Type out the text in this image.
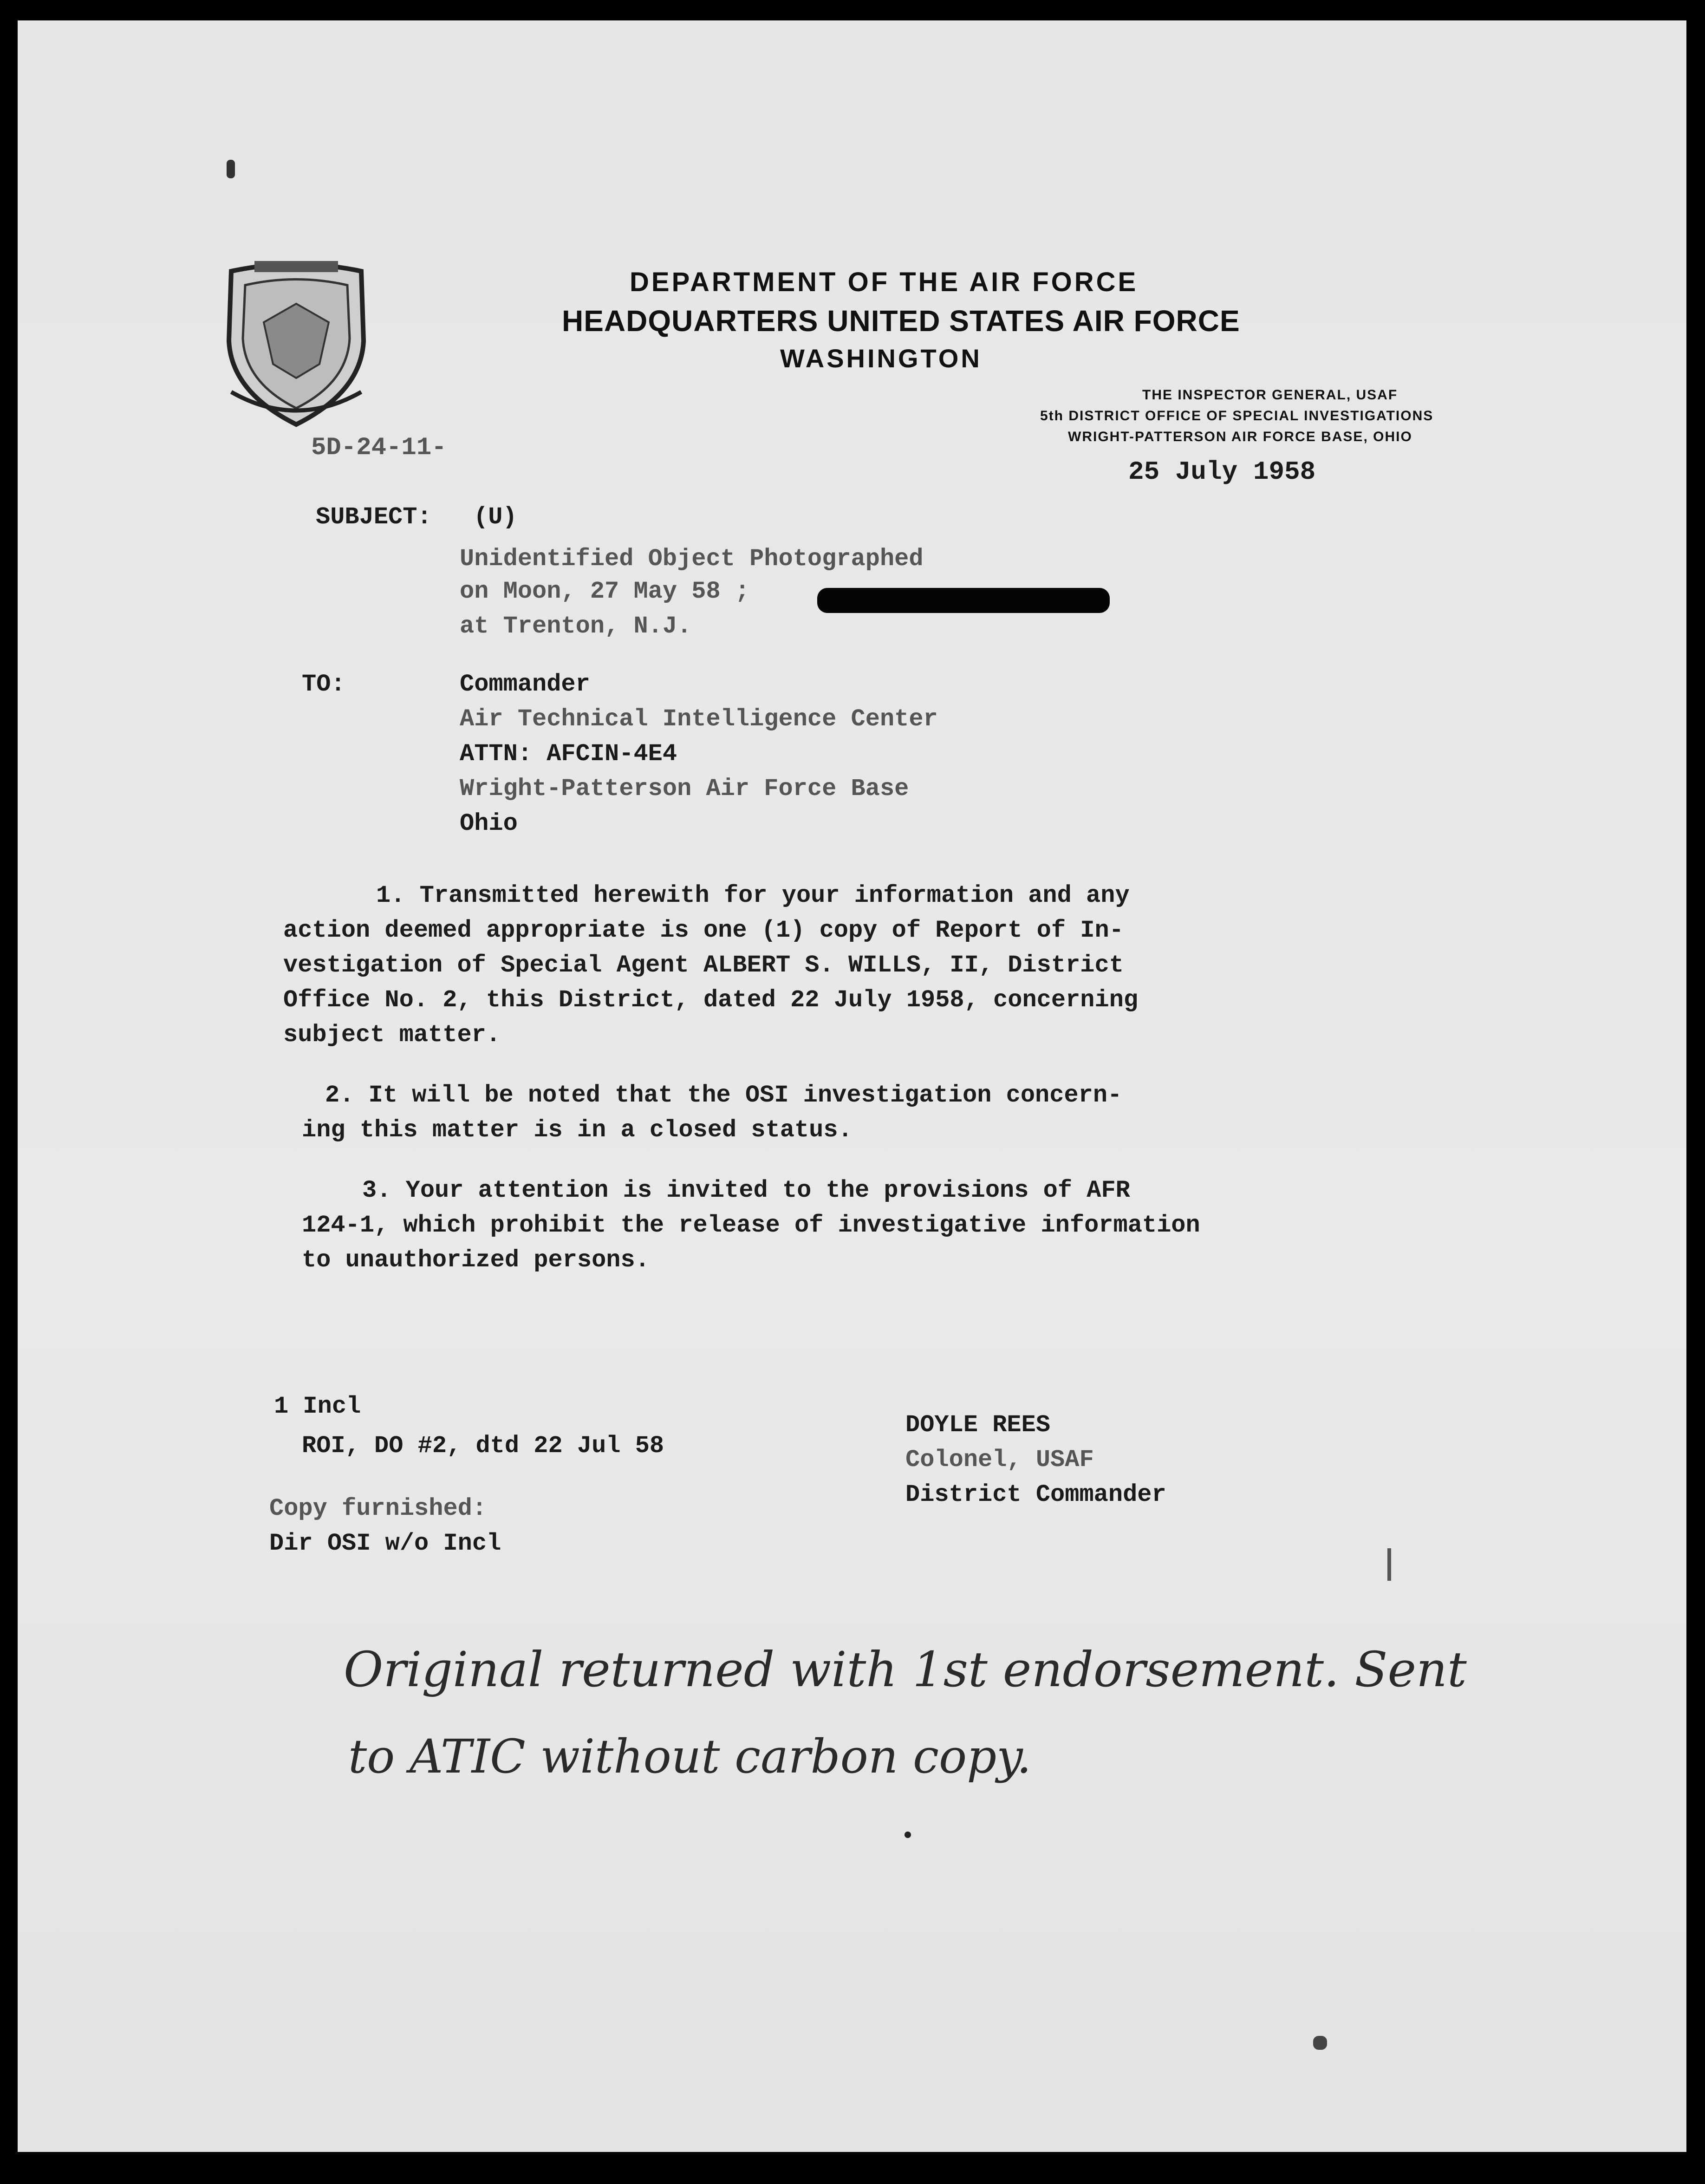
DEPARTMENT OF THE AIR FORCE
HEADQUARTERS UNITED STATES AIR FORCE
WASHINGTON
THE INSPECTOR GENERAL, USAF
5th DISTRICT OFFICE OF SPECIAL INVESTIGATIONS
WRIGHT-PATTERSON AIR FORCE BASE, OHIO
5D-24-11-
25 July 1958
SUBJECT: (U)
Unidentified Object Photographed
on Moon, 27 May 58 ;
at Trenton, N.J.
TO:	Commander
Air Technical Intelligence Center
ATTN: AFCIN-4E4
Wright-Patterson Air Force Base
Ohio
1. Transmitted herewith for your information and any
action deemed appropriate is one (1) copy of Report of In-
vestigation of Special Agent ALBERT S. WILLS, II, District
Office No. 2, this District, dated 22 July 1958, concerning
subject matter.
2. It will be noted that the OSI investigation concern-
ing this matter is in a closed status.
3. Your attention is invited to the provisions of AFR
124-1, which prohibit the release of investigative information
to unauthorized persons.
1 Incl
ROI, DO #2, dtd 22 Jul 58
Copy furnished:
Dir OSI w/o Incl
DOYLE REES
Colonel, USAF
District Commander
Original returned with 1st endorsement. Sent
to ATIC without carbon copy.
